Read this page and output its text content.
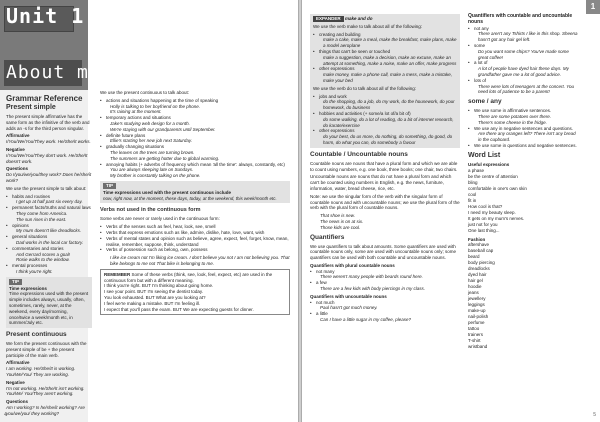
Unit 1
About me
Grammar Reference
Present simple

The present simple affirmative has the same form as the infinitive of the verb and adds an -s for the third person singular.

Affirmative

I/You/We/You/They work. He/She/It works.

Negative

I/You/We/You/They don't work. He/She/It doesn't work.

Questions

Do I/you/we/you/they work? Does he/she/it work?

We use the present simple to talk about:

• habits and routines
I get up at half past six every day.
• permanent facts/truths and natural laws
They come from America.
The sun rises in the east.
• opinions
My mum doesn't like dreadlocks.
• general situations
Dad works in the local car factory.
• commentaries and stories
And Gerrard scores a goal!
Rosie walks to the window.
• mental processes
I think you're right.
TIP
Time expressions
Time expressions used with the present simple includes always, usually, often, sometimes, rarely, never, at the weekend, every day/morning, once/twice a week/month etc, in summer/July etc.
Present continuous

We form the present continuous with the present simple of be + the present participle of the main verb.

Affirmative

I am working. He/She/It is working. You/We/You/ They are working.

Negative

I'm not working. He/She/It isn't working. You/We/ You/They aren't working.

Questions

Am I working? Is he/she/it working? Are you/we/you/ they working?

We use the present continuous to talk about:

• actions and situations happening at the time of speaking
Holly is talking to her boyfriend on the phone.
It's raining at the moment.
• temporary actions and situations
Jake's studying web design for a month.
We're staying with our grandparents until September.
• definite future plans
Ellie's starting her new job next Saturday.
• gradually changing situations
The leaves on the trees are turning brown.
The summers are getting hotter due to global warming.
• annoying habits (+ adverbs of frequency which mean 'all the time': always, constantly, etc)
You are always sleeping late on Sundays.
My brother is constantly talking on the phone.
TIP
Time expressions used with the present continuous include
now, right now, at the moment, these days, today, at the weekend, this week/month etc.
Verbs not used in the continuous form

Some verbs are never or rarely used in the continuous form:

• Verbs of the senses such as feel, hear, look, see, smell
• Verbs that express emotions such as like, admire, dislike, hate, love, want, wish
• Verbs of mental states and opinion such as believe, agree, expect, feel, forget, know, mean, realise, remember, suppose, think, understand
• Verbs of possession such as belong, own, possess

I like ice cream not I'm liking ice cream. I don't believe you not I am not believing you. That bike belongs to me not That bike is belonging to me.

REMEMBER Some of these verbs (think, see, look, feel, expect, etc) are used in the continuous form but with a different meaning.
I think you're right. BUT I'm thinking about going home.
I see your point. BUT I'm seeing the dentist today.
You look exhausted. BUT What are you looking at?
I feel we're making a mistake. BUT I'm feeling ill.
I expect that you'll pass the exam. BUT We are expecting guests for dinner.
4
1
EXPANDER make and do

We use the verb make to talk about all of the following:

• creating and building
make a cake, make a meal, make the breakfast, make plans, make a model aeroplane
• things that can't be seen or touched
make a suggestion, make a decision, make an excuse, make an attempt at something, make a noise, make an offer, make progress
• other expressions
make money, make a phone call, make a mess, make a mistake, make your bed

We use the verb do to talk about all of the following:

• jobs and work
do the shopping, do a job, do my work, do the housework, do your homework, do business
• hobbies and activities (+ some/a lot of/a bit of)
do some walking, do a lot of reading, do a bit of internet research, do karate/exercise
• other expressions
do your best, do us more, do nothing, do something, do good, do harm, do what you can, do somebody a favour
Countable / Uncountable nouns

Countable nouns are nouns that have a plural form and which we are able to count using numbers, e.g. one book, three books; one chair, two chairs.

Uncountable nouns are nouns that do not have a plural form and which can't be counted using numbers in English, e.g. the news, furniture, information, water, bread cheese, rice, etc.

Note: we use the singular form of the verb with the singular form of countable nouns and with uncountable nouns; we use the plural form of the verb with the plural form of countable nouns.

That shoe is new.
The news is on at six.
Those kids are cool.
Quantifiers

We use quantifiers to talk about amounts. Some quantifiers are used with countable nouns only, some are used with uncountable nouns only; some quantifiers can be used with both countable and uncountable nouns.

Quantifiers with plural countable nouns
• not many
There weren't many people with beards round here.
• a few
There are a few kids with body piercings in my class.
Quantifiers with uncountable nouns
• not much
Paul hasn't got much money.
• a little
Can I have a little sugar in my coffee, please?
Quantifiers with countable and uncountable nouns
• not any
There aren't any Tshirts I like in this shop. Sheena hasn't got any hair gel left.
• some
Do you want some chips? You've made some great coffee!
• a lot of
A lot of people have dyed hair these days. My grandfather gave me a lot of good advice.
• lots of
There were lots of teenagers at the concert. You need lots of patience to be a parent!
some / any
• We use some in affirmative sentences.
There are some potatoes over there.
There's some cheese in the fridge.
• We use any in negative sentences and questions.
Are there any oranges left? There isn't any bread in the cupboard.
• We use some in questions and negative sentences.
Word List
Useful expressions
a phase
be the centre of attention
bling
comfortable in one's own skin
cool
fit in
How cool is that?
I need my beauty sleep.
It gets on my mum's nerves.
just not for you
One last thing...
Fashion
aftershave
baseball cap
beard
body piercing
dreadlocks
dyed hair
hair gel
hoodie
jeans
jewellery
leggings
make-up
nail-polish
perfume
tattoo
trainers
T-shirt
wristband
5
